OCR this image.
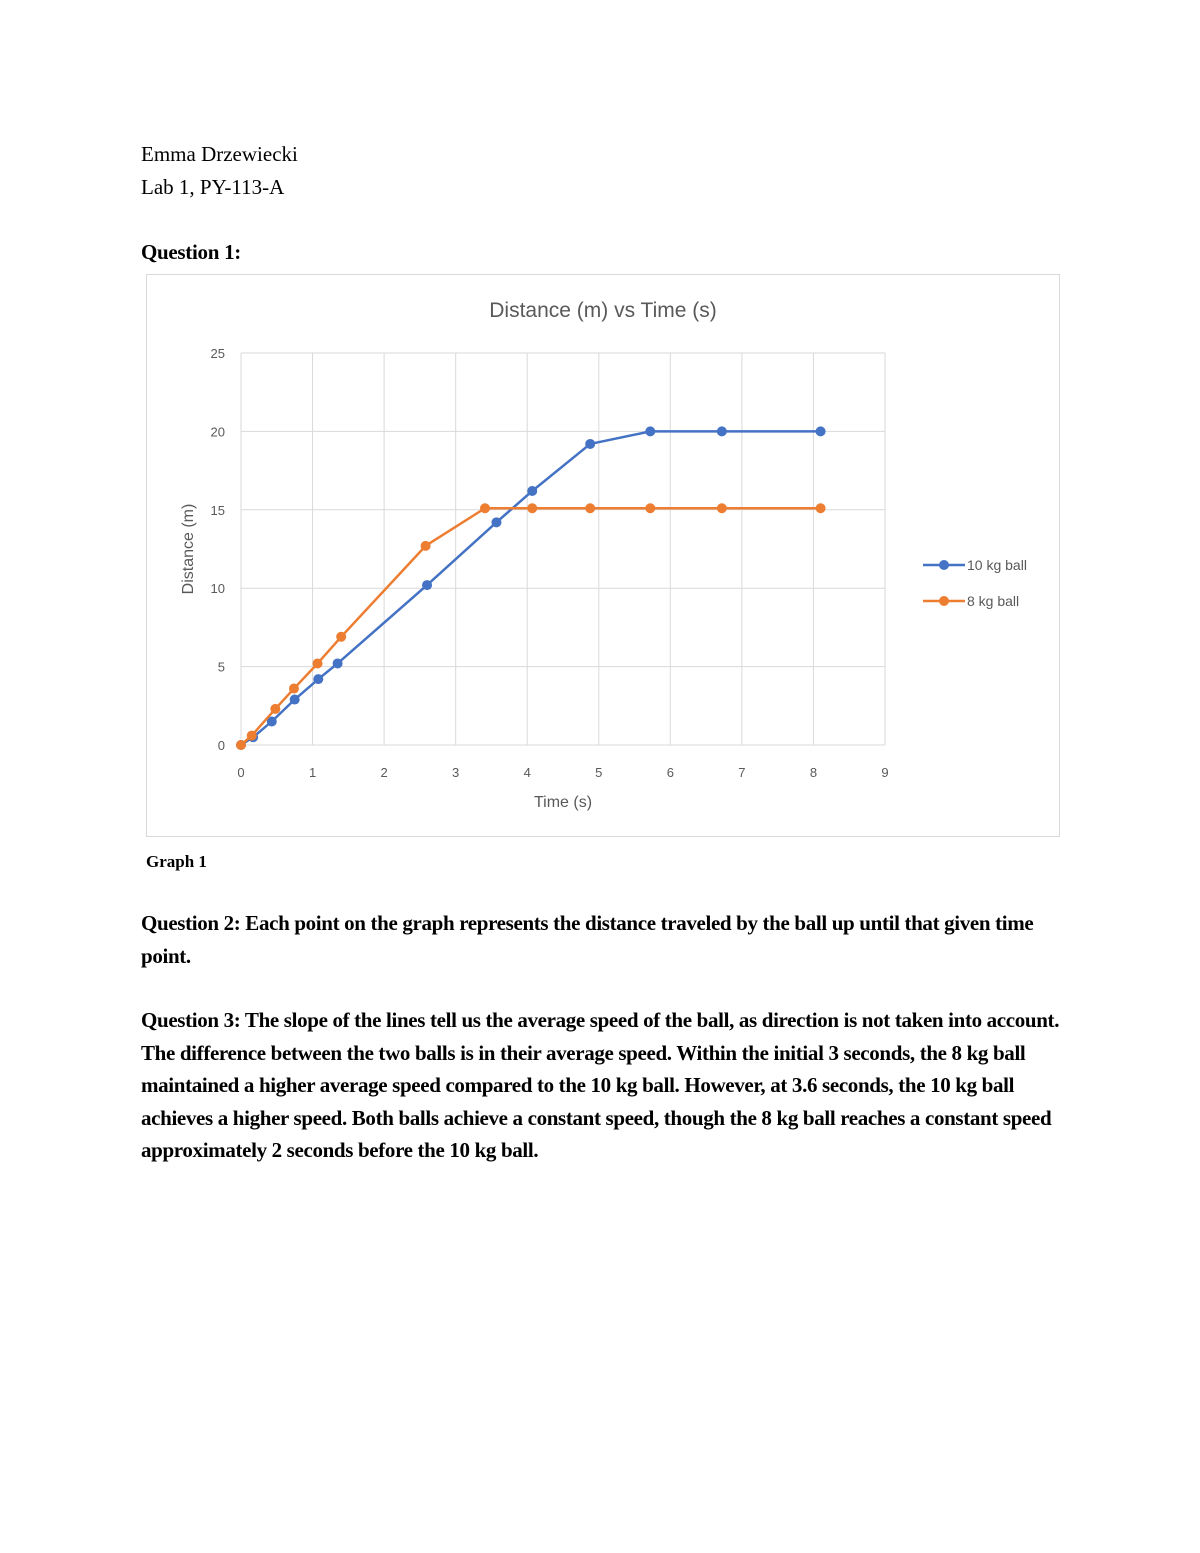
Emma Drzewiecki
Lab 1, PY-113-A
Question 1:
Distance (m) vs Time (s)
0
5
10
15
20
25
0	1	2	3	4	5	6	7	8	9
Time (s)
Distance (m)	10 kg ball
8 kg ball
Graph 1
Question 2: Each point on the graph represents the distance traveled by the ball up until that given time point.
Question 3: The slope of the lines tell us the average speed of the ball, as direction is not taken into account. The difference between the two balls is in their average speed. Within the initial 3 seconds, the 8 kg ball maintained a higher average speed compared to the 10 kg ball. However, at 3.6 seconds, the 10 kg ball achieves a higher speed. Both balls achieve a constant speed, though the 8 kg ball reaches a constant speed approximately 2 seconds before the 10 kg ball.
